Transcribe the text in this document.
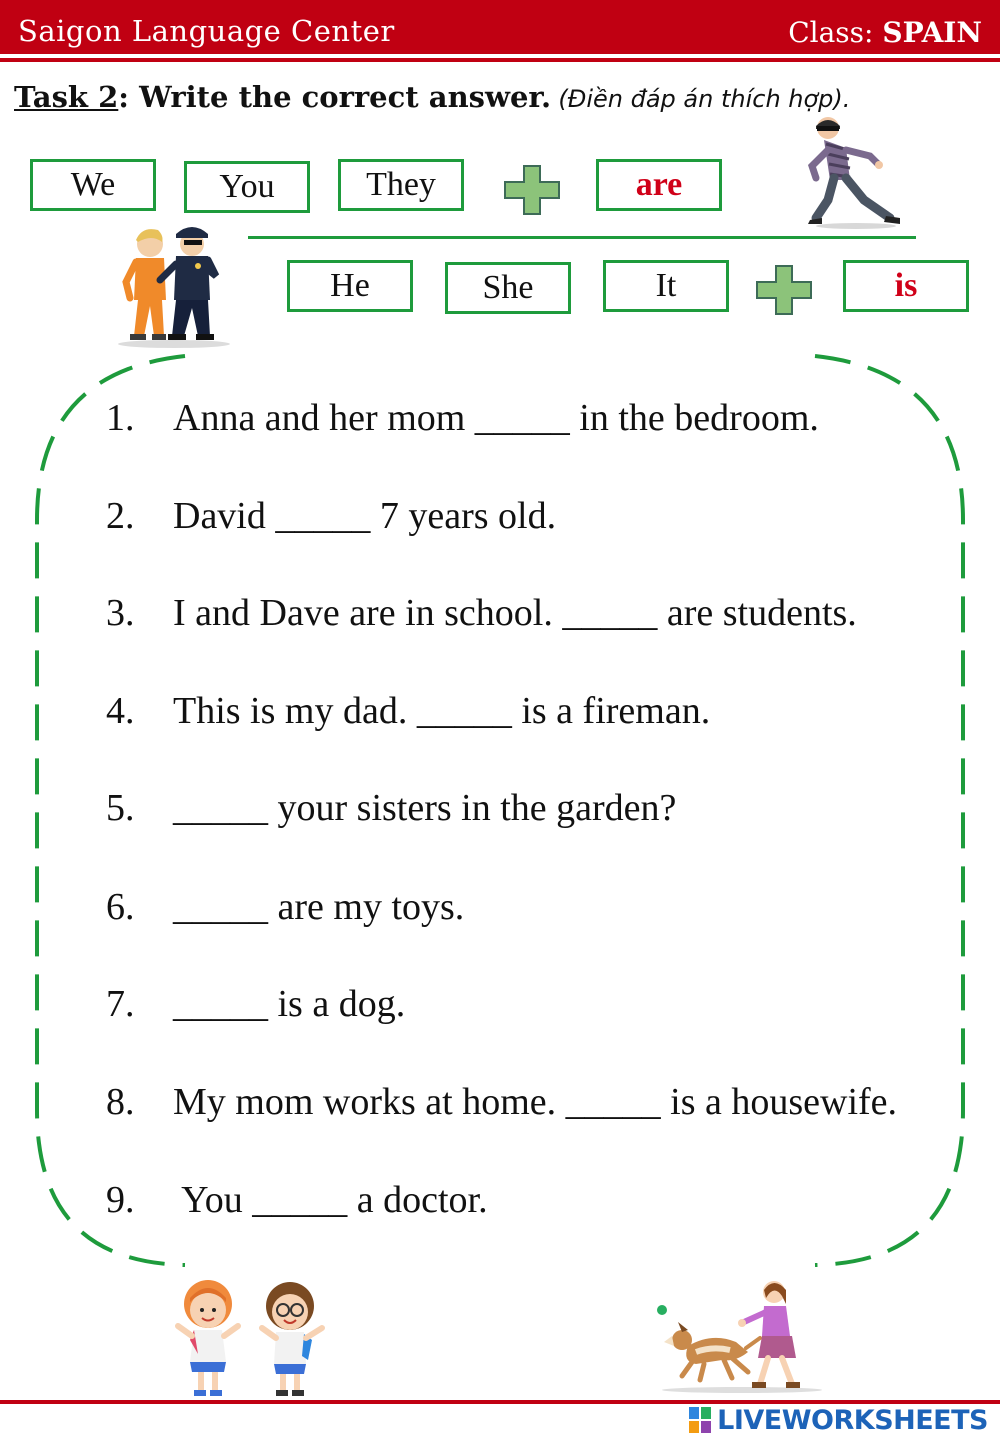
Saigon Language Center	Class: SPAIN
Task 2: Write the correct answer. (Điền đáp án thích hợp).
We	You	They	are
He	She	It	is
1. Anna and her mom _____ in the bedroom.
2. David _____ 7 years old.
3. I and Dave are in school. _____ are students.
4. This is my dad. _____ is a fireman.
5. _____ your sisters in the garden?
6. _____ are my toys.
7. _____ is a dog.
8. My mom works at home. _____ is a housewife.
9. You _____ a doctor.
LIVEWORKSHEETS
